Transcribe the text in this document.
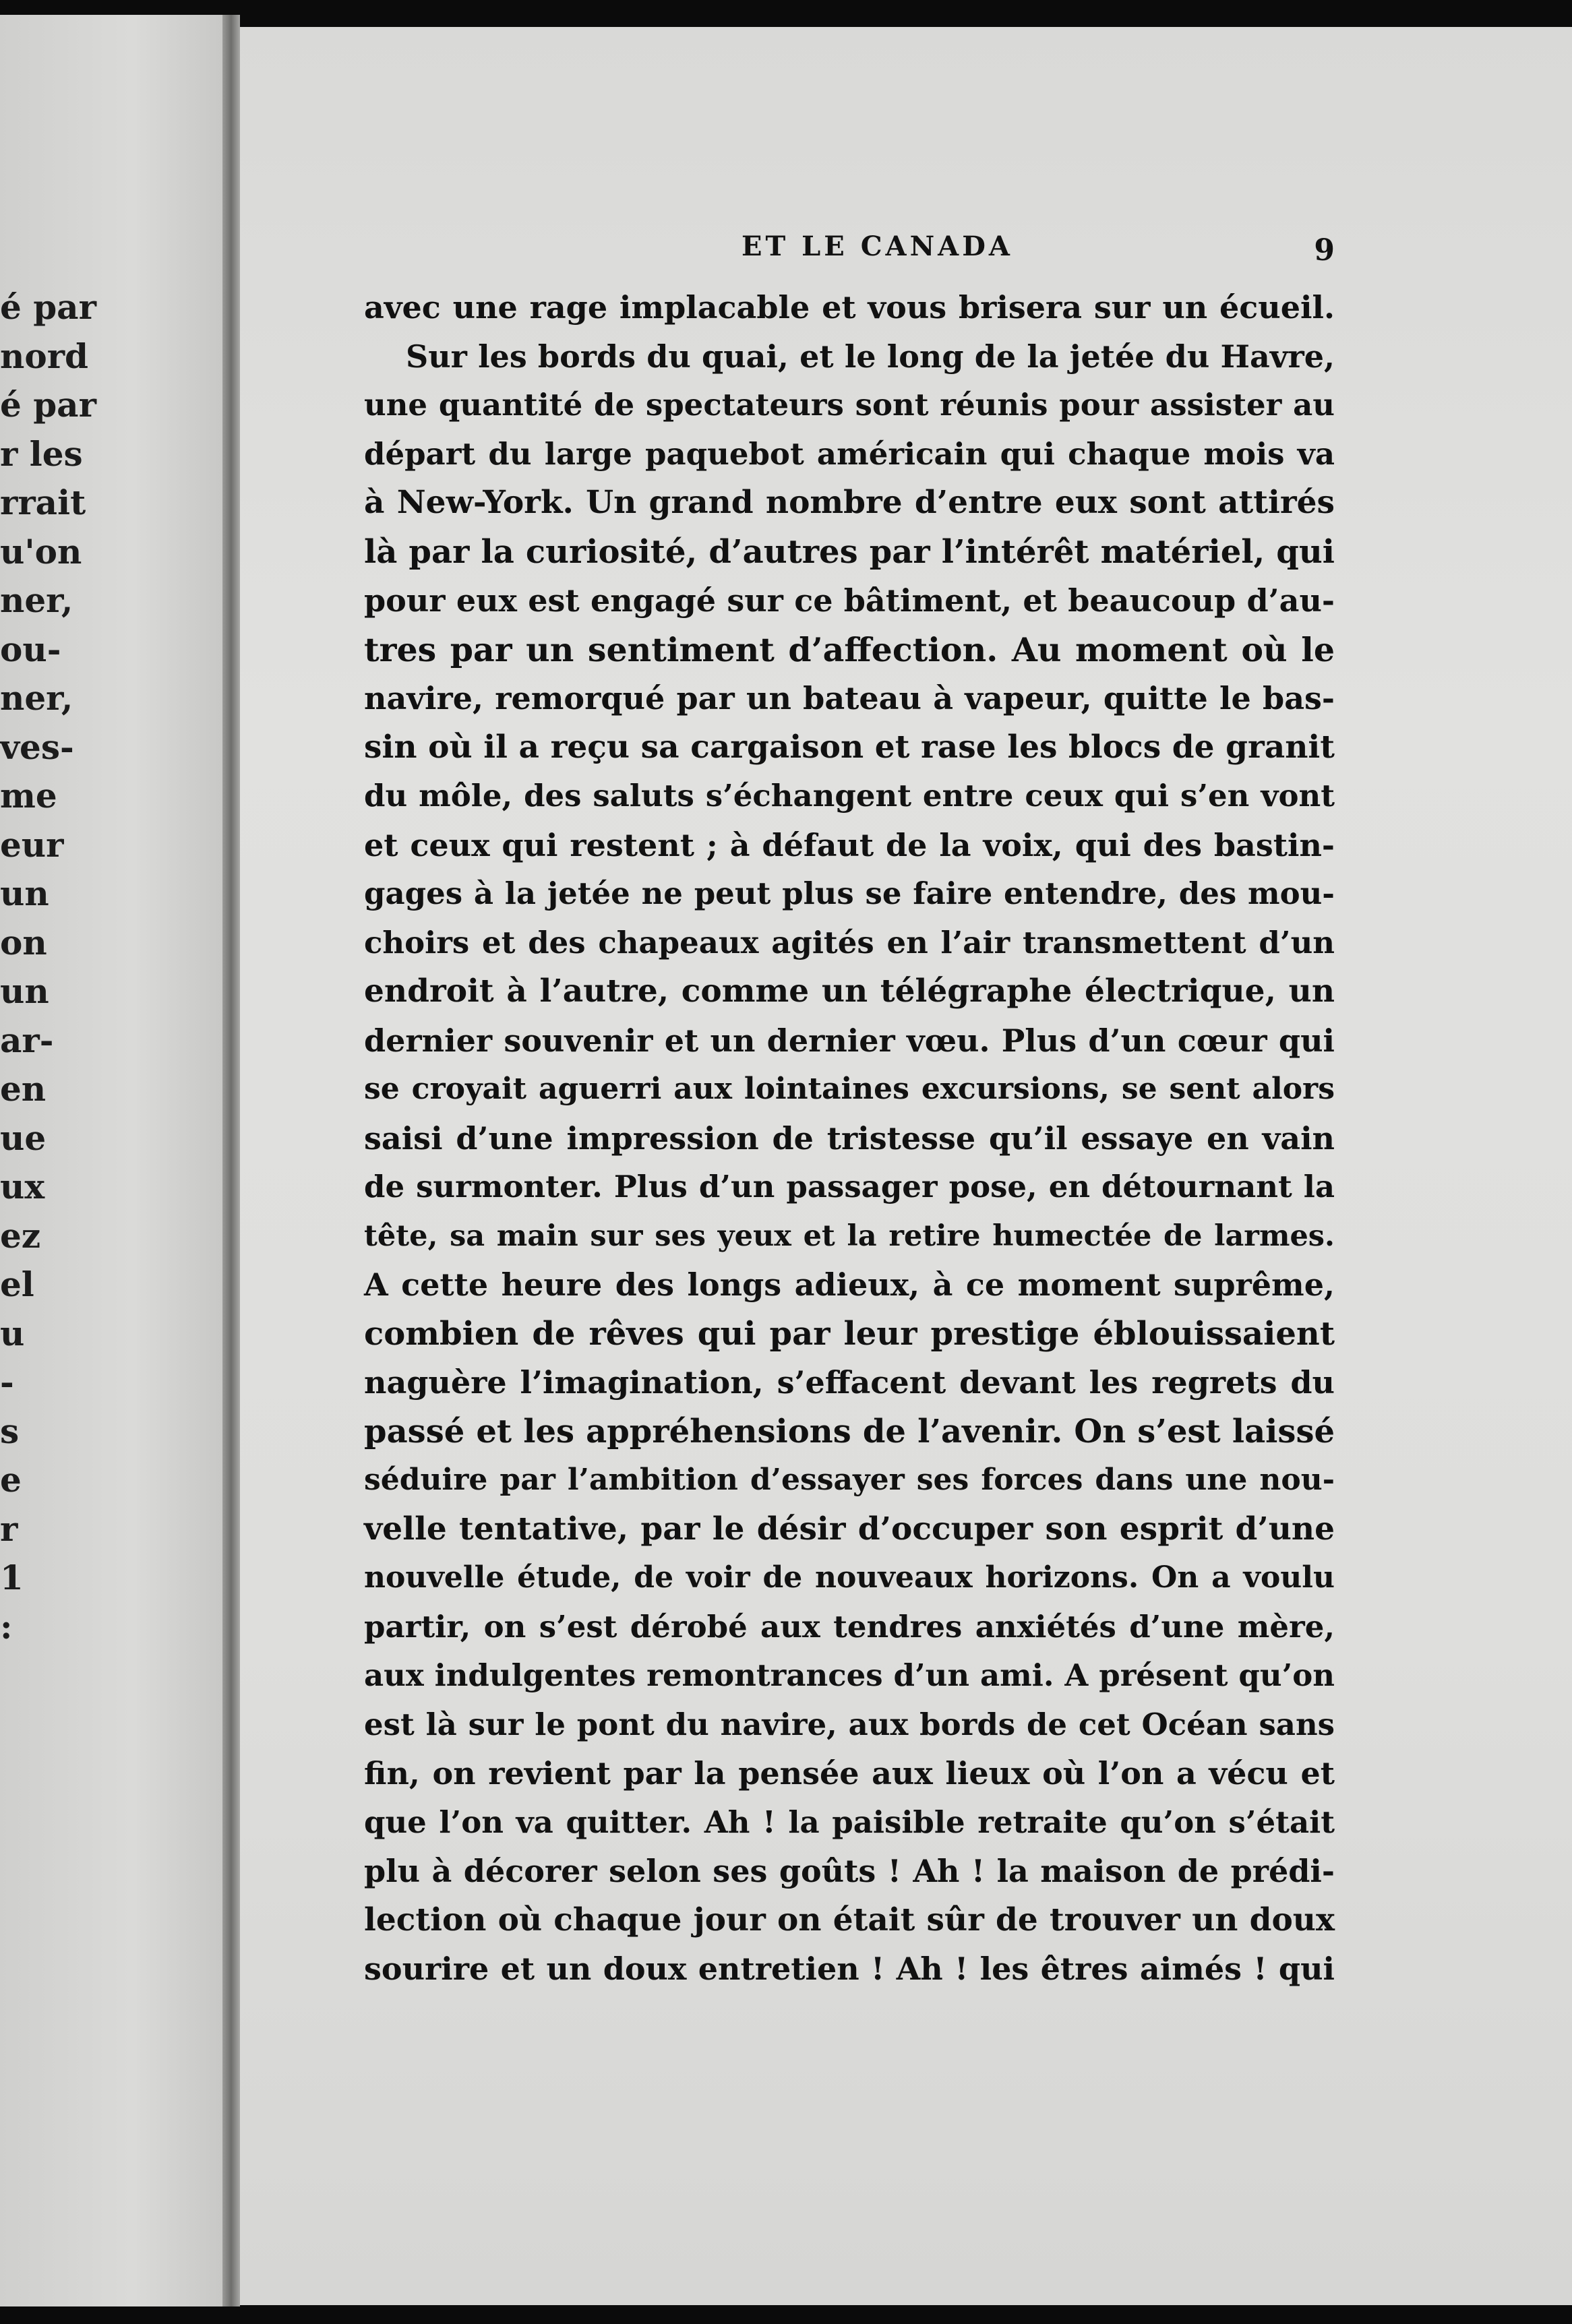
é par
nord
é par
r les
rrait
u'on
ner,
ou-
ner,
ves-
me
eur
un
on
un
ar-
en
ue
ux
ez
el
u
-
s
e
r
1
:
ET LE CANADA	9
avec une rage implacable et vous brisera sur un écueil.
Sur les bords du quai, et le long de la jetée du Havre,
une quantité de spectateurs sont réunis pour assister au
départ du large paquebot américain qui chaque mois va
à New-York. Un grand nombre d’entre eux sont attirés
là par la curiosité, d’autres par l’intérêt matériel, qui
pour eux est engagé sur ce bâtiment, et beaucoup d’au-
tres par un sentiment d’affection. Au moment où le
navire, remorqué par un bateau à vapeur, quitte le bas-
sin où il a reçu sa cargaison et rase les blocs de granit
du môle, des saluts s’échangent entre ceux qui s’en vont
et ceux qui restent ; à défaut de la voix, qui des bastin-
gages à la jetée ne peut plus se faire entendre, des mou-
choirs et des chapeaux agités en l’air transmettent d’un
endroit à l’autre, comme un télégraphe électrique, un
dernier souvenir et un dernier vœu. Plus d’un cœur qui
se croyait aguerri aux lointaines excursions, se sent alors
saisi d’une impression de tristesse qu’il essaye en vain
de surmonter. Plus d’un passager pose, en détournant la
tête, sa main sur ses yeux et la retire humectée de larmes.
A cette heure des longs adieux, à ce moment suprême,
combien de rêves qui par leur prestige éblouissaient
naguère l’imagination, s’effacent devant les regrets du
passé et les appréhensions de l’avenir. On s’est laissé
séduire par l’ambition d’essayer ses forces dans une nou-
velle tentative, par le désir d’occuper son esprit d’une
nouvelle étude, de voir de nouveaux horizons. On a voulu
partir, on s’est dérobé aux tendres anxiétés d’une mère,
aux indulgentes remontrances d’un ami. A présent qu’on
est là sur le pont du navire, aux bords de cet Océan sans
fin, on revient par la pensée aux lieux où l’on a vécu et
que l’on va quitter. Ah ! la paisible retraite qu’on s’était
plu à décorer selon ses goûts ! Ah ! la maison de prédi-
lection où chaque jour on était sûr de trouver un doux
sourire et un doux entretien ! Ah ! les êtres aimés ! qui
